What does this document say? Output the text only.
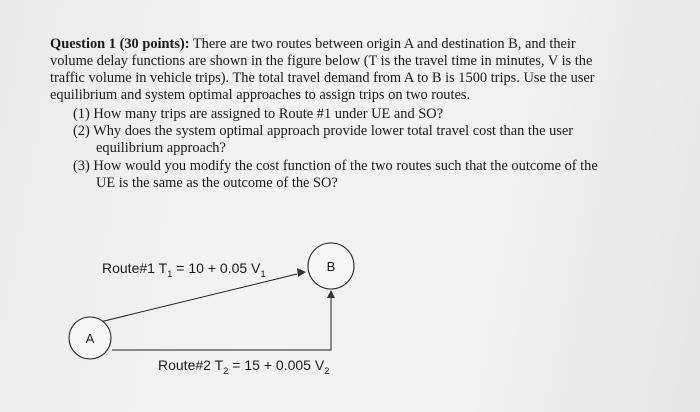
Question 1 (30 points): There are two routes between origin A and destination B, and their
volume delay functions are shown in the figure below (T is the travel time in minutes, V is the
traffic volume in vehicle trips). The total travel demand from A to B is 1500 trips. Use the user
equilibrium and system optimal approaches to assign trips on two routes.
(1) How many trips are assigned to Route #1 under UE and SO?
(2) Why does the system optimal approach provide lower total travel cost than the user
equilibrium approach?
(3) How would you modify the cost function of the two routes such that the outcome of the
UE is the same as the outcome of the SO?
A
B
Route#1 $T_1 = 10 + 0.05$ $V_1$
Route#2 $T_2 = 15 + 0.005$ $V_2$
